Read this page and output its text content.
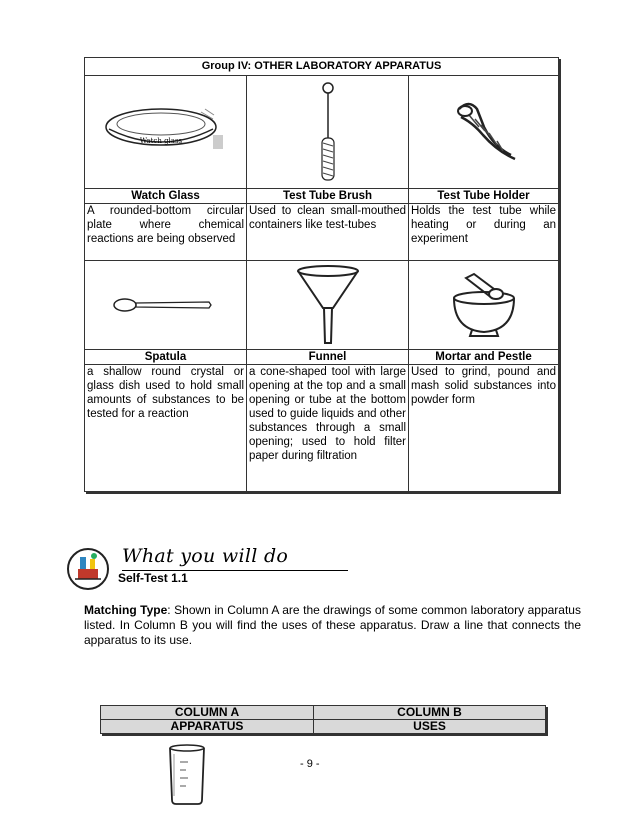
Group IV: OTHER LABORATORY APPARATUS		

Watch glass

Watch Glass	Test Tube Brush	Test Tube Holder
A rounded-bottom circular plate where chemical reactions are being observed	Used to clean small-mouthed containers like test-tubes	Holds the test tube while heating or during an experiment

Spatula	Funnel	Mortar and Pestle
a shallow round crystal or glass dish used to hold small amounts of substances to be tested for a reaction	a cone-shaped tool with large opening at the top and a small opening or tube at the bottom used to guide liquids and other substances through a small opening; used to hold filter paper during filtration	Used to grind, pound and mash solid substances into powder form
What you will do
Self-Test 1.1
Matching Type: Shown in Column A are the drawings of some common laboratory apparatus listed. In Column B you will find the uses of these apparatus. Draw a line that connects the apparatus to its use.
COLUMN A	COLUMN B
APPARATUS	USES
- 9 -
